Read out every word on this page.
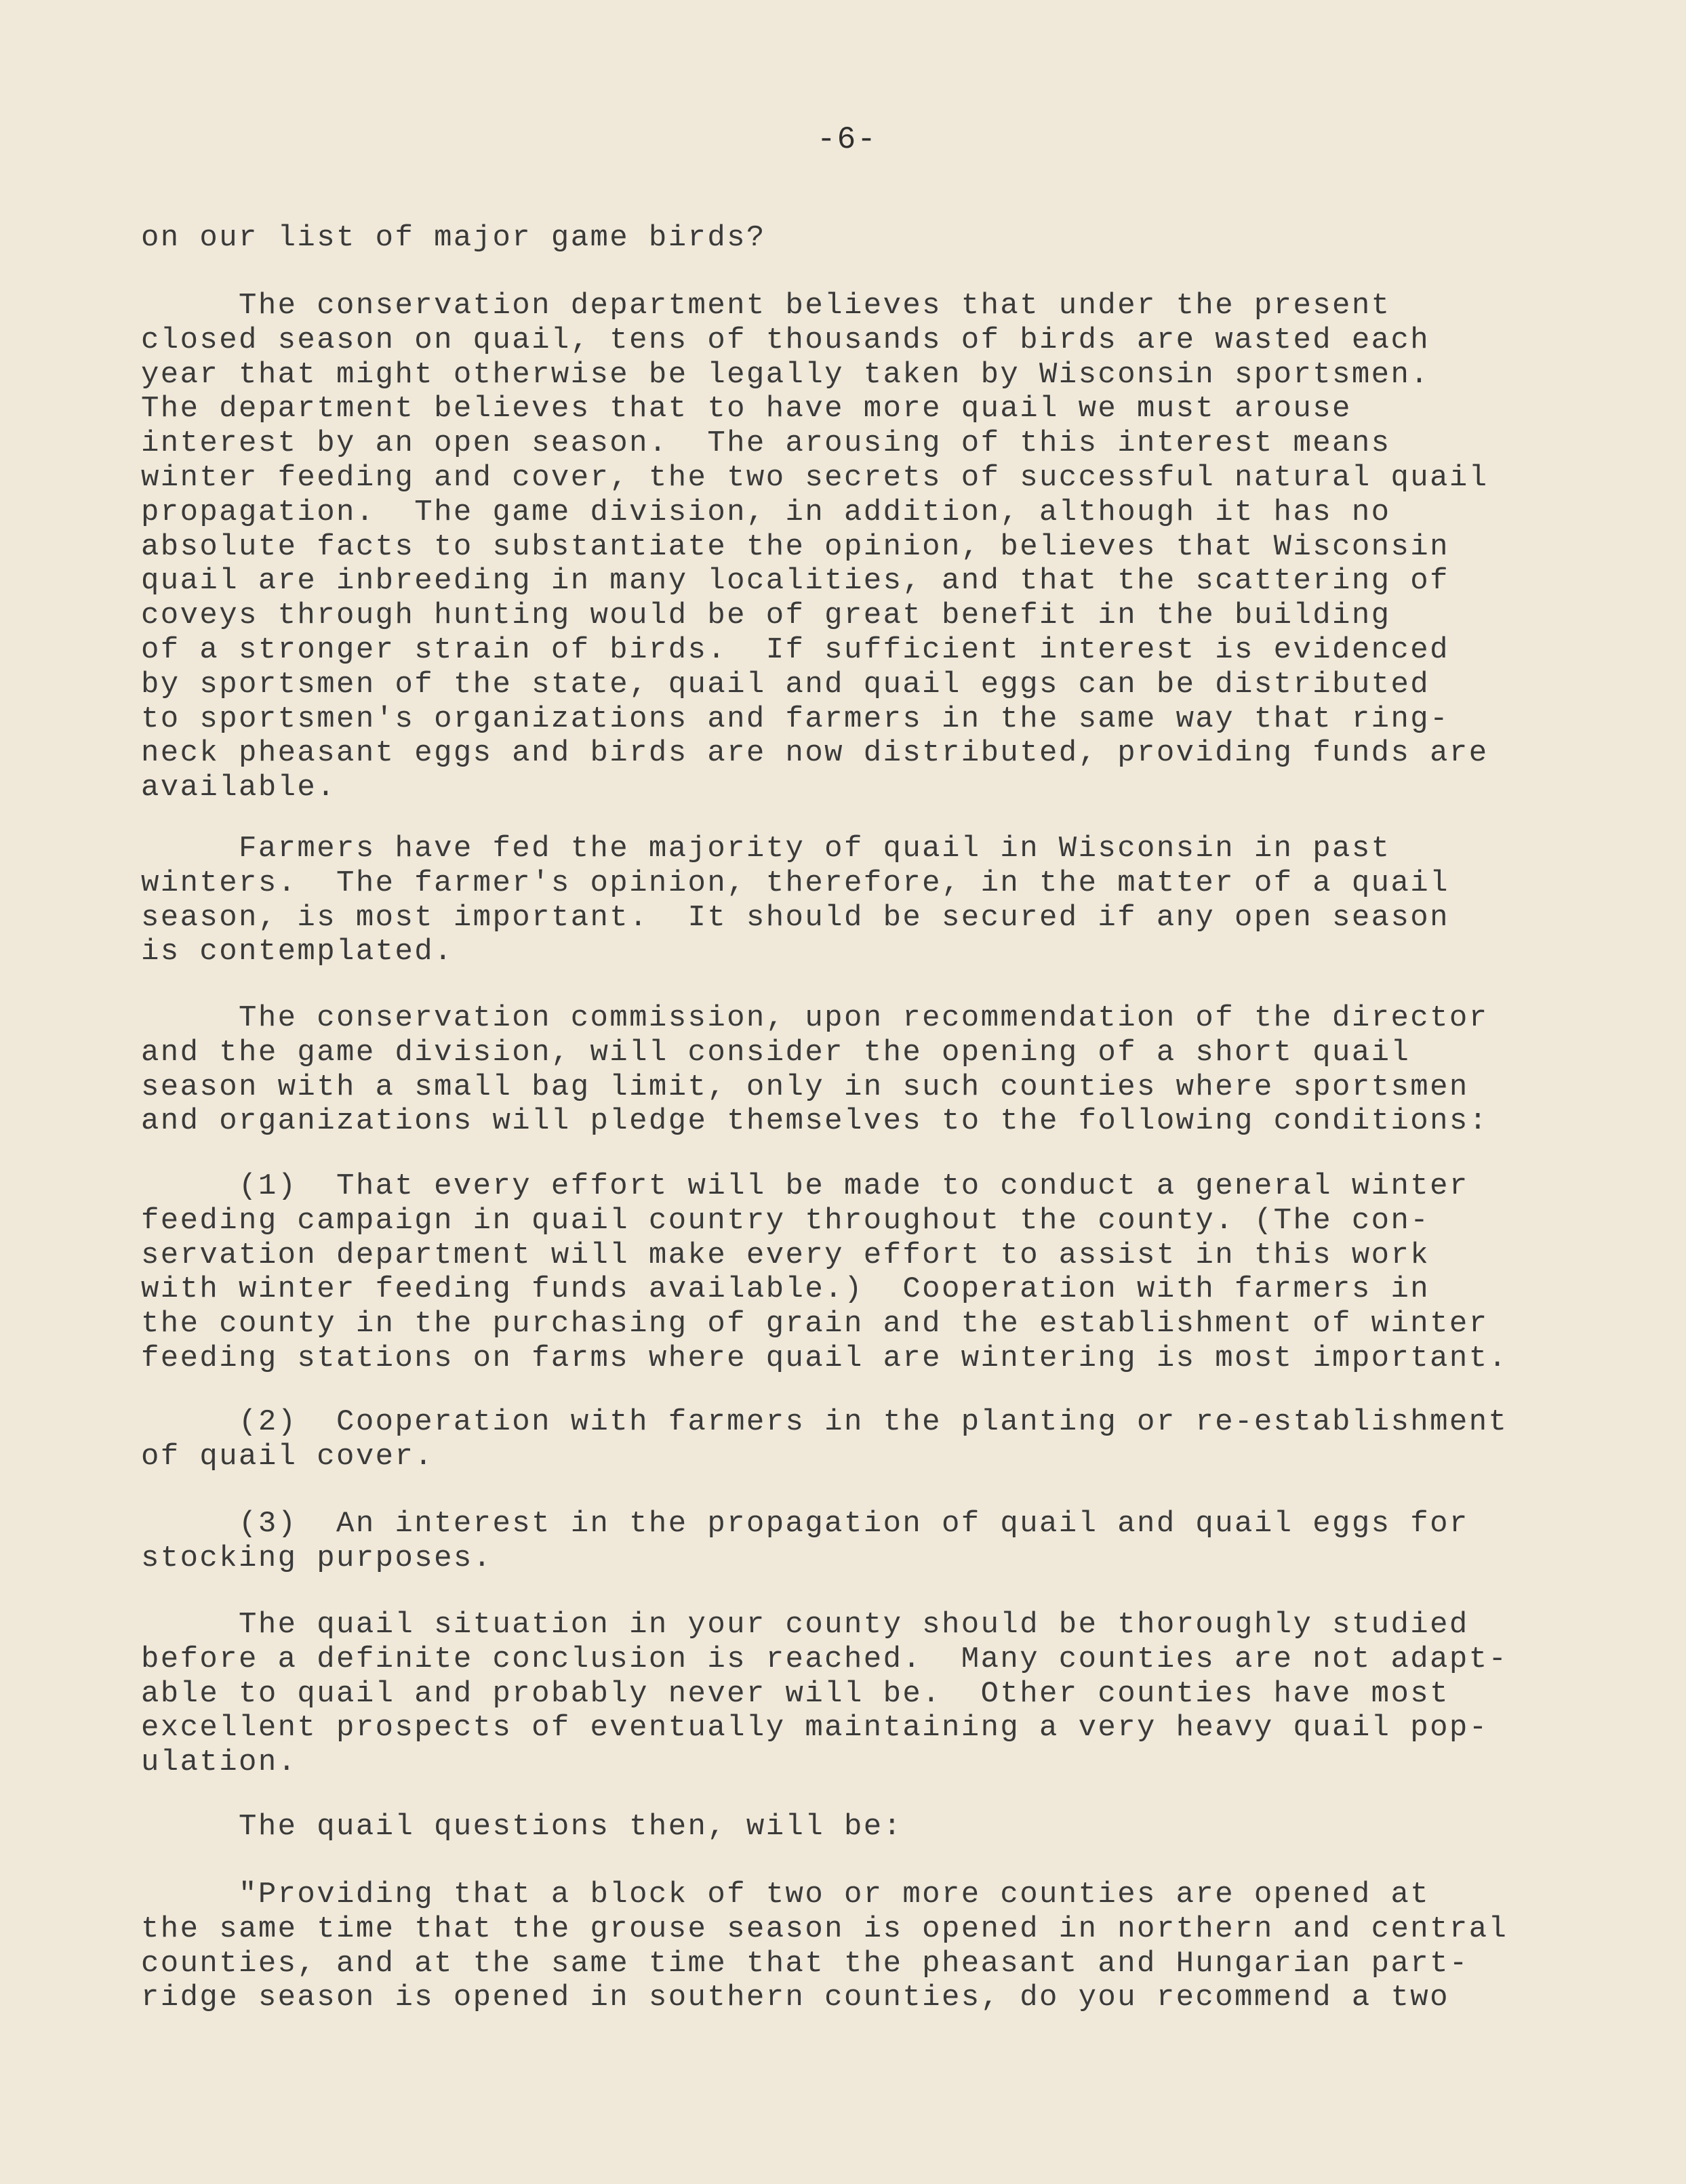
-6-
on our list of major game birds?
The conservation department believes that under the present
closed season on quail, tens of thousands of birds are wasted each
year that might otherwise be legally taken by Wisconsin sportsmen.
The department believes that to have more quail we must arouse
interest by an open season.  The arousing of this interest means
winter feeding and cover, the two secrets of successful natural quail
propagation.  The game division, in addition, although it has no
absolute facts to substantiate the opinion, believes that Wisconsin
quail are inbreeding in many localities, and that the scattering of
coveys through hunting would be of great benefit in the building
of a stronger strain of birds.  If sufficient interest is evidenced
by sportsmen of the state, quail and quail eggs can be distributed
to sportsmen's organizations and farmers in the same way that ring-
neck pheasant eggs and birds are now distributed, providing funds are
available.
Farmers have fed the majority of quail in Wisconsin in past
winters.  The farmer's opinion, therefore, in the matter of a quail
season, is most important.  It should be secured if any open season
is contemplated.
The conservation commission, upon recommendation of the director
and the game division, will consider the opening of a short quail
season with a small bag limit, only in such counties where sportsmen
and organizations will pledge themselves to the following conditions:
(1)  That every effort will be made to conduct a general winter
feeding campaign in quail country throughout the county. (The con-
servation department will make every effort to assist in this work
with winter feeding funds available.)  Cooperation with farmers in
the county in the purchasing of grain and the establishment of winter
feeding stations on farms where quail are wintering is most important.
(2)  Cooperation with farmers in the planting or re-establishment
of quail cover.
(3)  An interest in the propagation of quail and quail eggs for
stocking purposes.
The quail situation in your county should be thoroughly studied
before a definite conclusion is reached.  Many counties are not adapt-
able to quail and probably never will be.  Other counties have most
excellent prospects of eventually maintaining a very heavy quail pop-
ulation.
The quail questions then, will be:
"Providing that a block of two or more counties are opened at
the same time that the grouse season is opened in northern and central
counties, and at the same time that the pheasant and Hungarian part-
ridge season is opened in southern counties, do you recommend a two
